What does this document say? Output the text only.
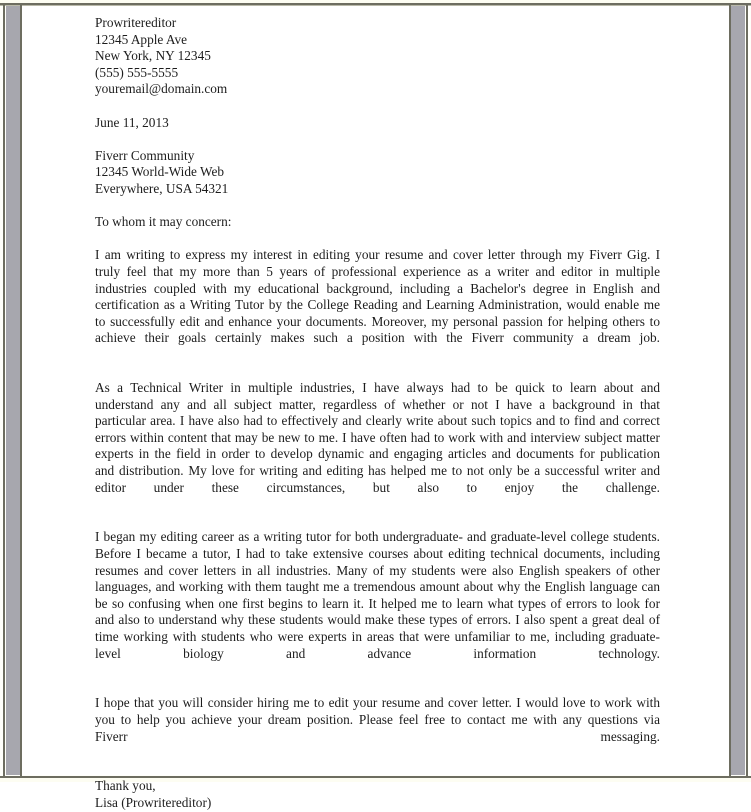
Prowritereditor
12345 Apple Ave
New York, NY 12345
(555) 555-5555
youremail@domain.com
June 11, 2013
Fiverr Community
12345 World-Wide Web
Everywhere, USA 54321
To whom it may concern:

I am writing to express my interest in editing your resume and cover letter through my Fiverr Gig. I truly feel that my more than 5 years of professional experience as a writer and editor in multiple industries coupled with my educational background, including a Bachelor's degree in English and certification as a Writing Tutor by the College Reading and Learning Administration, would enable me to successfully edit and enhance your documents. Moreover, my personal passion for helping others to achieve their goals certainly makes such a position with the Fiverr community a dream job.

As a Technical Writer in multiple industries, I have always had to be quick to learn about and understand any and all subject matter, regardless of whether or not I have a background in that particular area. I have also had to effectively and clearly write about such topics and to find and correct errors within content that may be new to me. I have often had to work with and interview subject matter experts in the field in order to develop dynamic and engaging articles and documents for publication and distribution. My love for writing and editing has helped me to not only be a successful writer and editor under these circumstances, but also to enjoy the challenge.

I began my editing career as a writing tutor for both undergraduate- and graduate-level college students. Before I became a tutor, I had to take extensive courses about editing technical documents, including resumes and cover letters in all industries. Many of my students were also English speakers of other languages, and working with them taught me a tremendous amount about why the English language can be so confusing when one first begins to learn it. It helped me to learn what types of errors to look for and also to understand why these students would make these types of errors. I also spent a great deal of time working with students who were experts in areas that were unfamiliar to me, including graduate-level biology and advance information technology.

I hope that you will consider hiring me to edit your resume and cover letter. I would love to work with you to help you achieve your dream position. Please feel free to contact me with any questions via Fiverr messaging.

Thank you,
Lisa (Prowritereditor)
